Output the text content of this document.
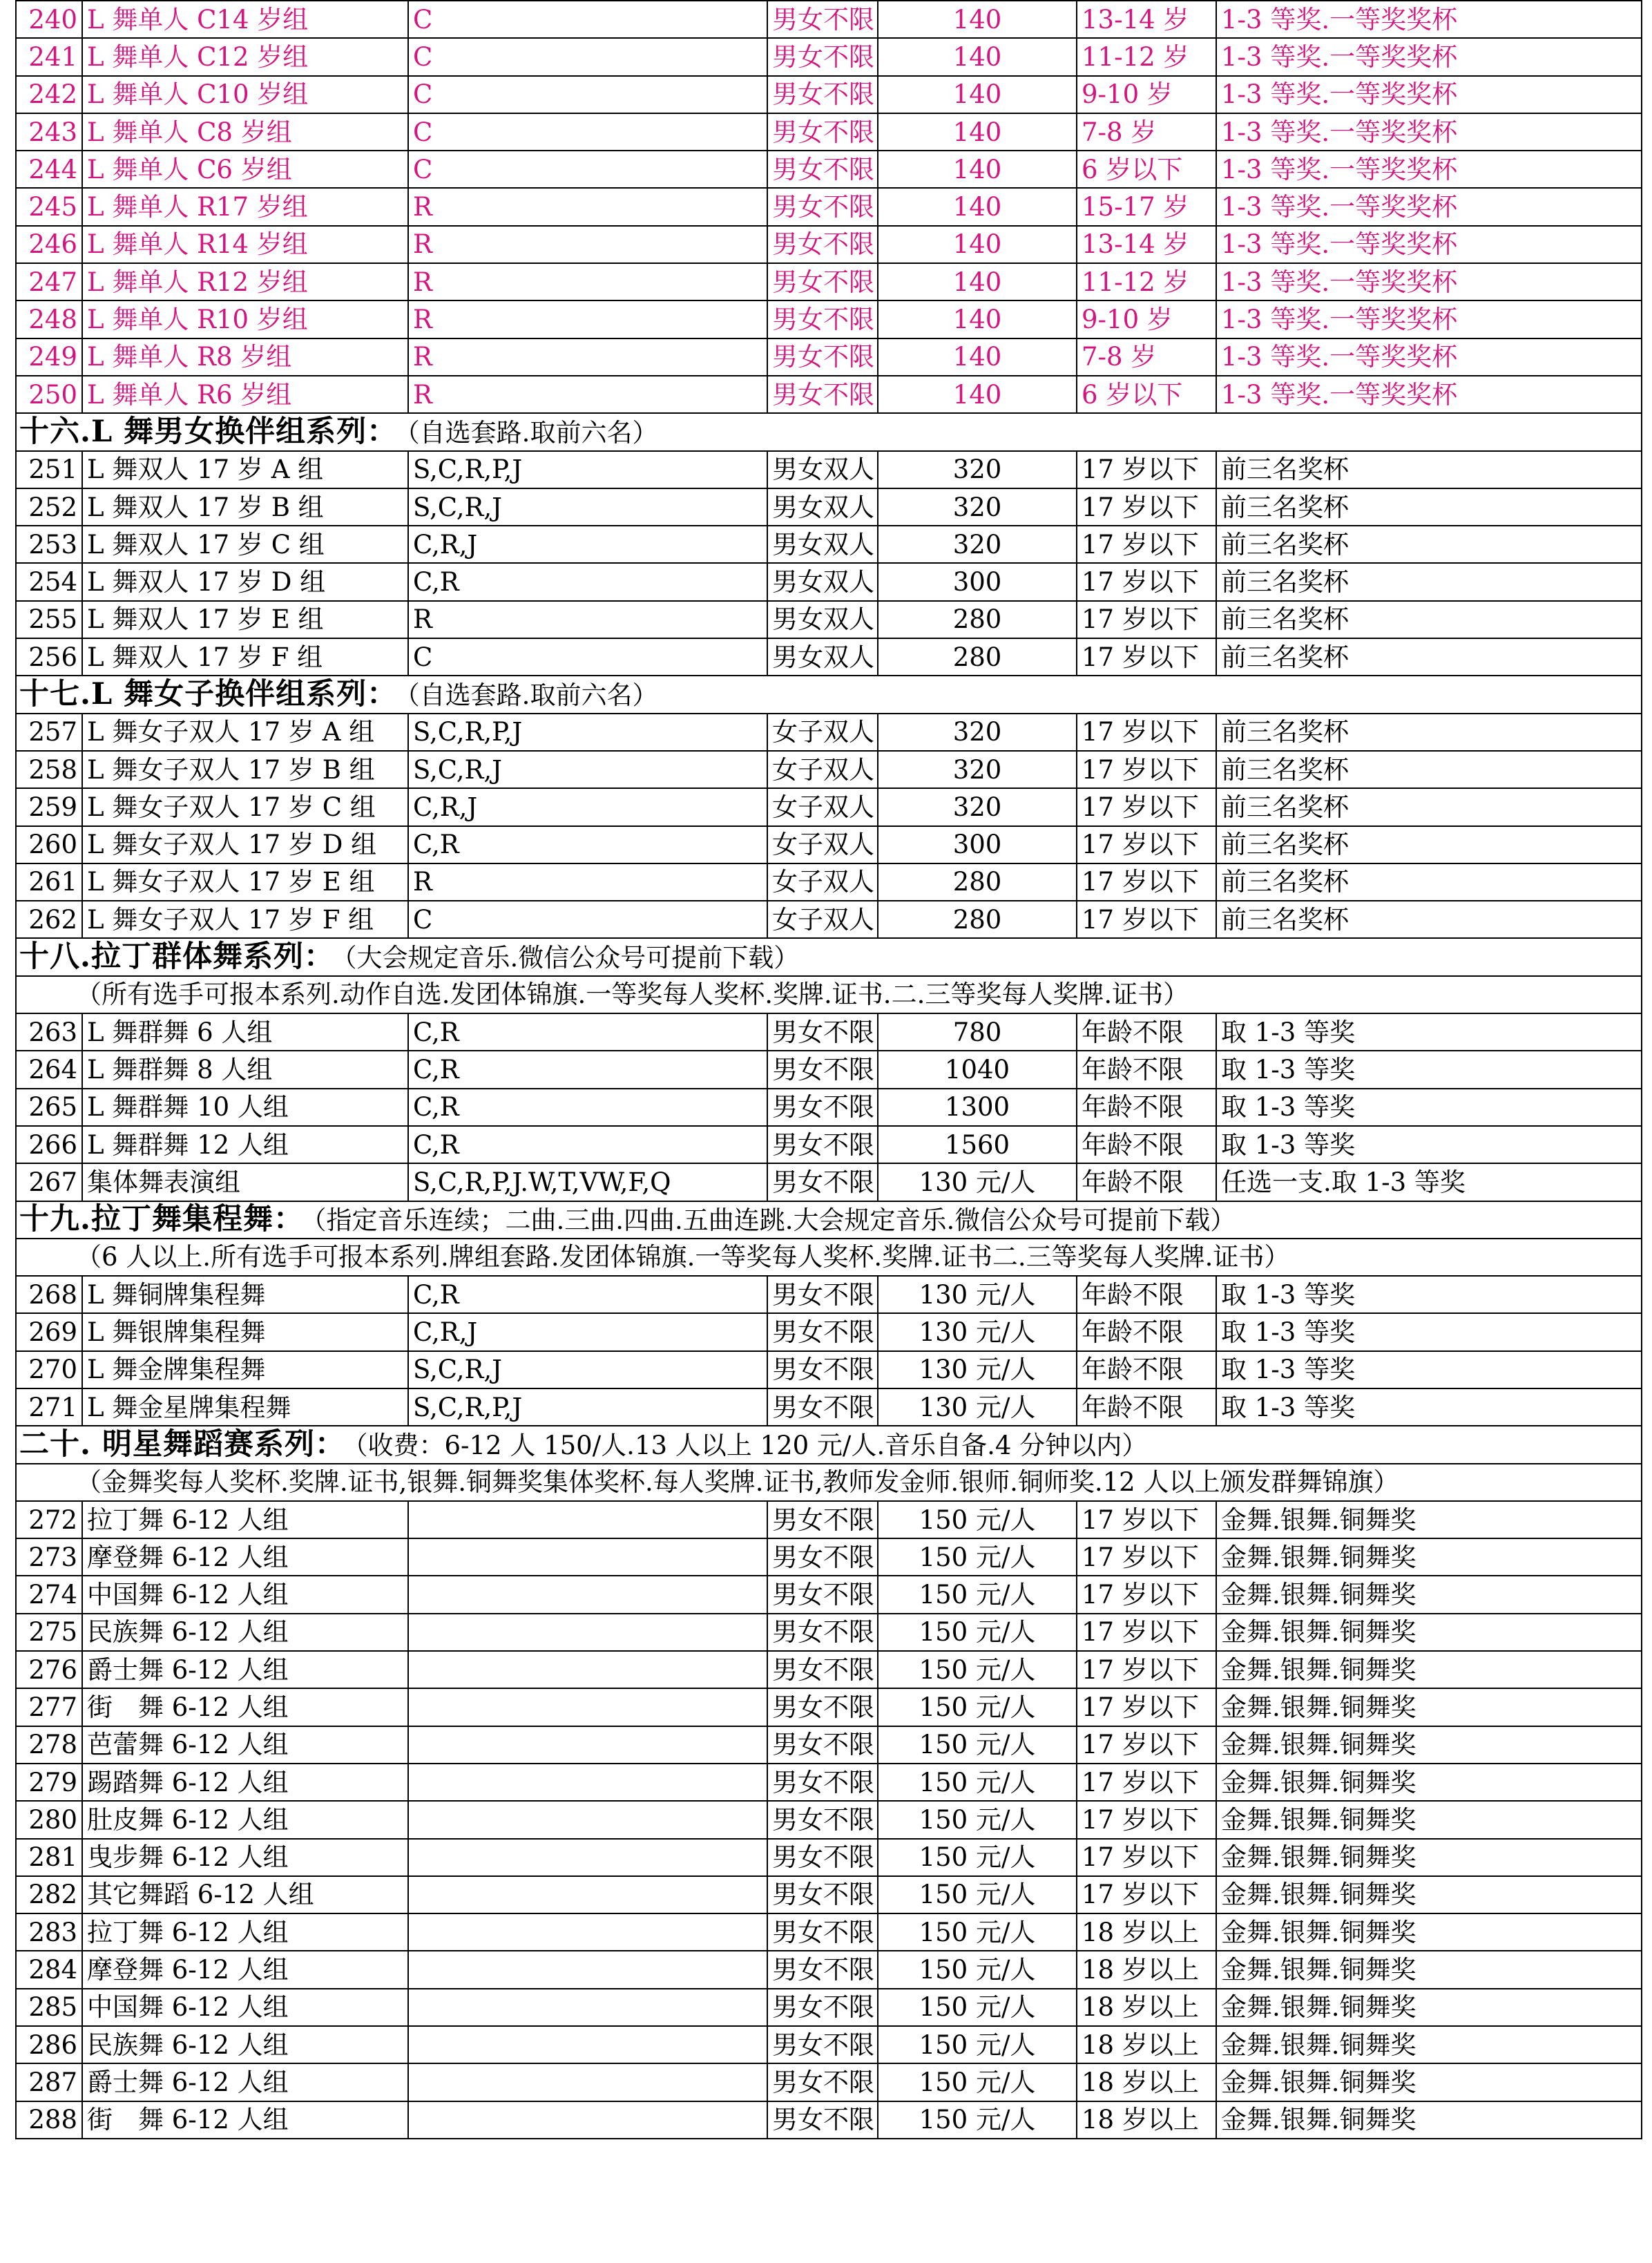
240	L 舞单人 C14 岁组	C	男女不限	140	13-14 岁	1-3 等奖.一等奖奖杯
241	L 舞单人 C12 岁组	C	男女不限	140	11-12 岁	1-3 等奖.一等奖奖杯
242	L 舞单人 C10 岁组	C	男女不限	140	9-10 岁	1-3 等奖.一等奖奖杯
243	L 舞单人 C8 岁组	C	男女不限	140	7-8 岁	1-3 等奖.一等奖奖杯
244	L 舞单人 C6 岁组	C	男女不限	140	6 岁以下	1-3 等奖.一等奖奖杯
245	L 舞单人 R17 岁组	R	男女不限	140	15-17 岁	1-3 等奖.一等奖奖杯
246	L 舞单人 R14 岁组	R	男女不限	140	13-14 岁	1-3 等奖.一等奖奖杯
247	L 舞单人 R12 岁组	R	男女不限	140	11-12 岁	1-3 等奖.一等奖奖杯
248	L 舞单人 R10 岁组	R	男女不限	140	9-10 岁	1-3 等奖.一等奖奖杯
249	L 舞单人 R8 岁组	R	男女不限	140	7-8 岁	1-3 等奖.一等奖奖杯
250	L 舞单人 R6 岁组	R	男女不限	140	6 岁以下	1-3 等奖.一等奖奖杯
十六.L 舞男女换伴组系列： （自选套路.取前六名）						
251	L 舞双人 17 岁 A 组	S,C,R,P,J	男女双人	320	17 岁以下	前三名奖杯
252	L 舞双人 17 岁 B 组	S,C,R,J	男女双人	320	17 岁以下	前三名奖杯
253	L 舞双人 17 岁 C 组	C,R,J	男女双人	320	17 岁以下	前三名奖杯
254	L 舞双人 17 岁 D 组	C,R	男女双人	300	17 岁以下	前三名奖杯
255	L 舞双人 17 岁 E 组	R	男女双人	280	17 岁以下	前三名奖杯
256	L 舞双人 17 岁 F 组	C	男女双人	280	17 岁以下	前三名奖杯
十七.L 舞女子换伴组系列： （自选套路.取前六名）						
257	L 舞女子双人 17 岁 A 组	S,C,R,P,J	女子双人	320	17 岁以下	前三名奖杯
258	L 舞女子双人 17 岁 B 组	S,C,R,J	女子双人	320	17 岁以下	前三名奖杯
259	L 舞女子双人 17 岁 C 组	C,R,J	女子双人	320	17 岁以下	前三名奖杯
260	L 舞女子双人 17 岁 D 组	C,R	女子双人	300	17 岁以下	前三名奖杯
261	L 舞女子双人 17 岁 E 组	R	女子双人	280	17 岁以下	前三名奖杯
262	L 舞女子双人 17 岁 F 组	C	女子双人	280	17 岁以下	前三名奖杯
十八.拉丁群体舞系列： （大会规定音乐.微信公众号可提前下载）						
（所有选手可报本系列.动作自选.发团体锦旗.一等奖每人奖杯.奖牌.证书.二.三等奖每人奖牌.证书）						
263	L 舞群舞 6 人组	C,R	男女不限	780	年龄不限	取 1-3 等奖
264	L 舞群舞 8 人组	C,R	男女不限	1040	年龄不限	取 1-3 等奖
265	L 舞群舞 10 人组	C,R	男女不限	1300	年龄不限	取 1-3 等奖
266	L 舞群舞 12 人组	C,R	男女不限	1560	年龄不限	取 1-3 等奖
267	集体舞表演组	S,C,R,P,J.W,T,VW,F,Q	男女不限	130 元/人	年龄不限	任选一支.取 1-3 等奖
十九.拉丁舞集程舞： （指定音乐连续；二曲.三曲.四曲.五曲连跳.大会规定音乐.微信公众号可提前下载）						
（6 人以上.所有选手可报本系列.牌组套路.发团体锦旗.一等奖每人奖杯.奖牌.证书二.三等奖每人奖牌.证书）						
268	L 舞铜牌集程舞	C,R	男女不限	130 元/人	年龄不限	取 1-3 等奖
269	L 舞银牌集程舞	C,R,J	男女不限	130 元/人	年龄不限	取 1-3 等奖
270	L 舞金牌集程舞	S,C,R,J	男女不限	130 元/人	年龄不限	取 1-3 等奖
271	L 舞金星牌集程舞	S,C,R,P,J	男女不限	130 元/人	年龄不限	取 1-3 等奖
二十. 明星舞蹈赛系列： （收费：6-12 人 150/人.13 人以上 120 元/人.音乐自备.4 分钟以内）						
（金舞奖每人奖杯.奖牌.证书,银舞.铜舞奖集体奖杯.每人奖牌.证书,教师发金师.银师.铜师奖.12 人以上颁发群舞锦旗）						
272	拉丁舞 6-12 人组		男女不限	150 元/人	17 岁以下	金舞.银舞.铜舞奖
273	摩登舞 6-12 人组		男女不限	150 元/人	17 岁以下	金舞.银舞.铜舞奖
274	中国舞 6-12 人组		男女不限	150 元/人	17 岁以下	金舞.银舞.铜舞奖
275	民族舞 6-12 人组		男女不限	150 元/人	17 岁以下	金舞.银舞.铜舞奖
276	爵士舞 6-12 人组		男女不限	150 元/人	17 岁以下	金舞.银舞.铜舞奖
277	街　舞 6-12 人组		男女不限	150 元/人	17 岁以下	金舞.银舞.铜舞奖
278	芭蕾舞 6-12 人组		男女不限	150 元/人	17 岁以下	金舞.银舞.铜舞奖
279	踢踏舞 6-12 人组		男女不限	150 元/人	17 岁以下	金舞.银舞.铜舞奖
280	肚皮舞 6-12 人组		男女不限	150 元/人	17 岁以下	金舞.银舞.铜舞奖
281	曳步舞 6-12 人组		男女不限	150 元/人	17 岁以下	金舞.银舞.铜舞奖
282	其它舞蹈 6-12 人组		男女不限	150 元/人	17 岁以下	金舞.银舞.铜舞奖
283	拉丁舞 6-12 人组		男女不限	150 元/人	18 岁以上	金舞.银舞.铜舞奖
284	摩登舞 6-12 人组		男女不限	150 元/人	18 岁以上	金舞.银舞.铜舞奖
285	中国舞 6-12 人组		男女不限	150 元/人	18 岁以上	金舞.银舞.铜舞奖
286	民族舞 6-12 人组		男女不限	150 元/人	18 岁以上	金舞.银舞.铜舞奖
287	爵士舞 6-12 人组		男女不限	150 元/人	18 岁以上	金舞.银舞.铜舞奖
288	街　舞 6-12 人组		男女不限	150 元/人	18 岁以上	金舞.银舞.铜舞奖
